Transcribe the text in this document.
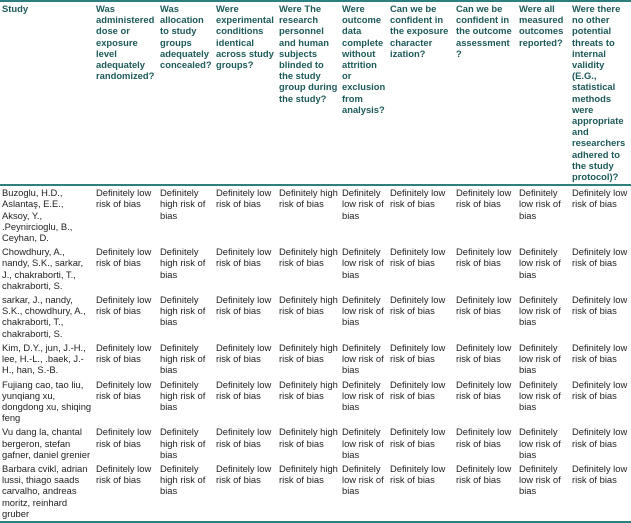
Study	Was administered dose or exposure level adequately randomized?	Was allocation to study groups adequately concealed?	Were experimental conditions identical across study groups?	Were The research personnel and human subjects blinded to the study group during the study?	Were outcome data complete without attrition or exclusion from analysis?	Can we be confident in the exposure character ization?	Can we be confident in the outcome assessment?	Were all measured outcomes reported?	Were there no other potential threats to internal validity (E.G., statistical methods were appropriate and researchers adhered to the study protocol)?
Buzoglu, H.D., Aslantaş, E.E., Aksoy, Y., .Peynircioglu, B., Ceyhan, D.	Definitely low risk of bias	Definitely high risk of bias	Definitely low risk of bias	Definitely high risk of bias	Definitely low risk of bias	Definitely low risk of bias	Definitely low risk of bias	Definitely low risk of bias	Definitely low risk of bias
Chowdhury, A., nandy, S.K., sarkar, J., chakraborti, T., chakraborti, S.	Definitely low risk of bias	Definitely high risk of bias	Definitely low risk of bias	Definitely high risk of bias	Definitely low risk of bias	Definitely low risk of bias	Definitely low risk of bias	Definitely low risk of bias	Definitely low risk of bias
sarkar, J., nandy, S.K., chowdhury, A., chakraborti, T., chakraborti, S.	Definitely low risk of bias	Definitely high risk of bias	Definitely low risk of bias	Definitely high risk of bias	Definitely low risk of bias	Definitely low risk of bias	Definitely low risk of bias	Definitely low risk of bias	Definitely low risk of bias
Kim, D.Y., jun, J.-H., lee, H.-L., .baek, J.-H., han, S.-B.	Definitely low risk of bias	Definitely high risk of bias	Definitely low risk of bias	Definitely high risk of bias	Definitely low risk of bias	Definitely low risk of bias	Definitely low risk of bias	Definitely low risk of bias	Definitely low risk of bias
Fujiang cao, tao liu, yunqiang xu, dongdong xu, shiqing feng	Definitely low risk of bias	Definitely high risk of bias	Definitely low risk of bias	Definitely high risk of bias	Definitely low risk of bias	Definitely low risk of bias	Definitely low risk of bias	Definitely low risk of bias	Definitely low risk of bias
Vu dang la, chantal bergeron, stefan gafner, daniel grenier	Definitely low risk of bias	Definitely high risk of bias	Definitely low risk of bias	Definitely high risk of bias	Definitely low risk of bias	Definitely low risk of bias	Definitely low risk of bias	Definitely low risk of bias	Definitely low risk of bias
Barbara cvikl, adrian lussi, thiago saads carvalho, andreas moritz, reinhard gruber	Definitely low risk of bias	Definitely high risk of bias	Definitely low risk of bias	Definitely high risk of bias	Definitely low risk of bias	Definitely low risk of bias	Definitely low risk of bias	Definitely low risk of bias	Definitely low risk of bias
